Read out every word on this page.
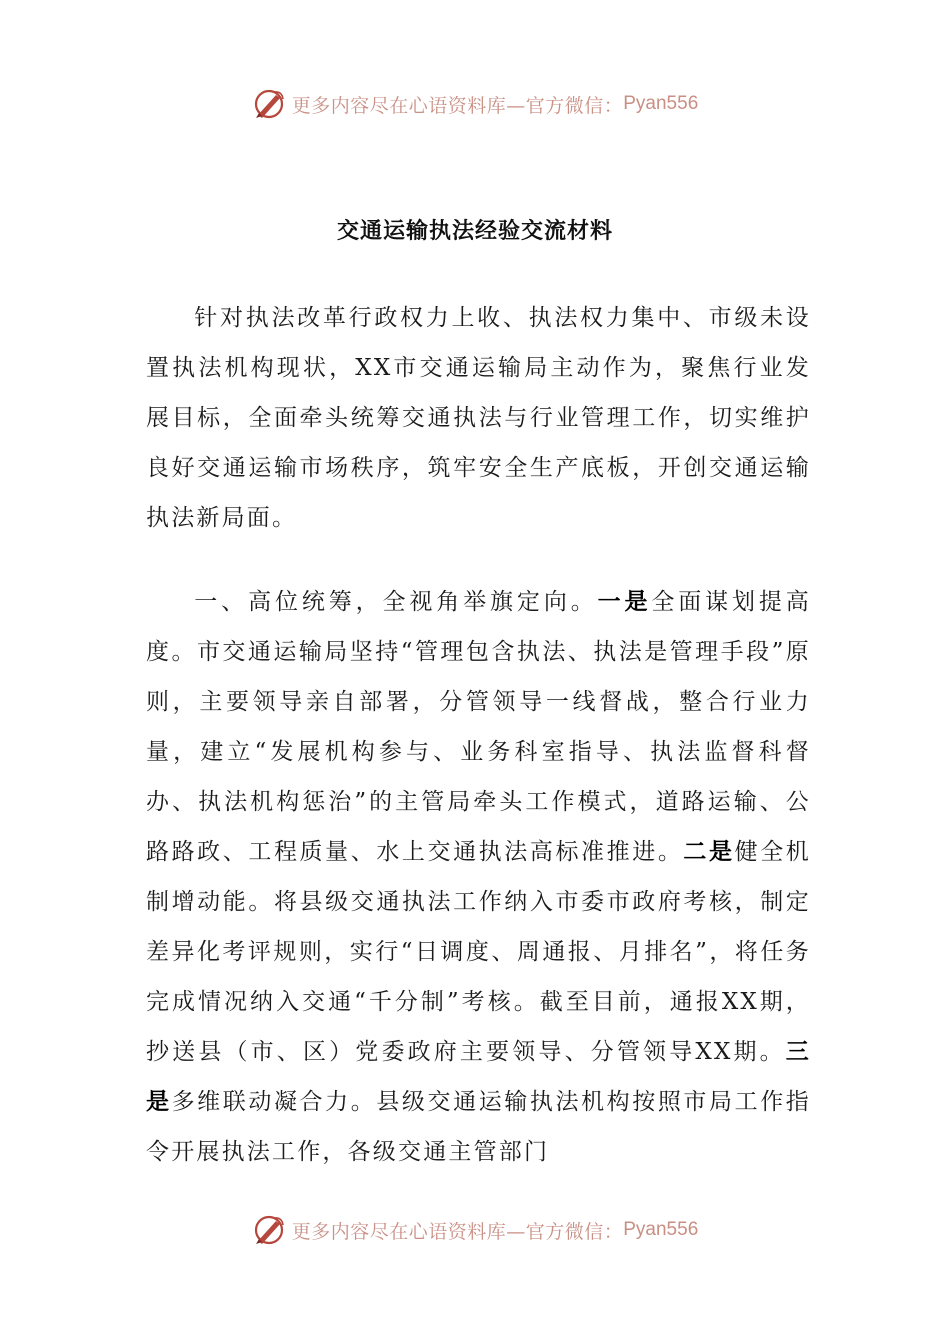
更多内容尽在心语资料库—官方微信： Pyan556
交通运输执法经验交流材料

针对执法改革行政权力上收、执法权力集中、市级未设置执法机构现状，XX市交通运输局主动作为，聚焦行业发展目标，全面牵头统筹交通执法与行业管理工作，切实维护良好交通运输市场秩序，筑牢安全生产底板，开创交通运输执法新局面。

一、高位统筹，全视角举旗定向。一是全面谋划提高度。市交通运输局坚持“管理包含执法、执法是管理手段”原则，主要领导亲自部署，分管领导一线督战，整合行业力量，建立“发展机构参与、业务科室指导、执法监督科督办、执法机构惩治”的主管局牵头工作模式，道路运输、公路路政、工程质量、水上交通执法高标准推进。二是健全机制增动能。将县级交通执法工作纳入市委市政府考核，制定差异化考评规则，实行“日调度、周通报、月排名”，将任务完成情况纳入交通“千分制”考核。截至目前，通报XX期，抄送县（市、区）党委政府主要领导、分管领导XX期。三是多维联动凝合力。县级交通运输执法机构按照市局工作指令开展执法工作，各级交通主管部门

更多内容尽在心语资料库—官方微信： Pyan556
